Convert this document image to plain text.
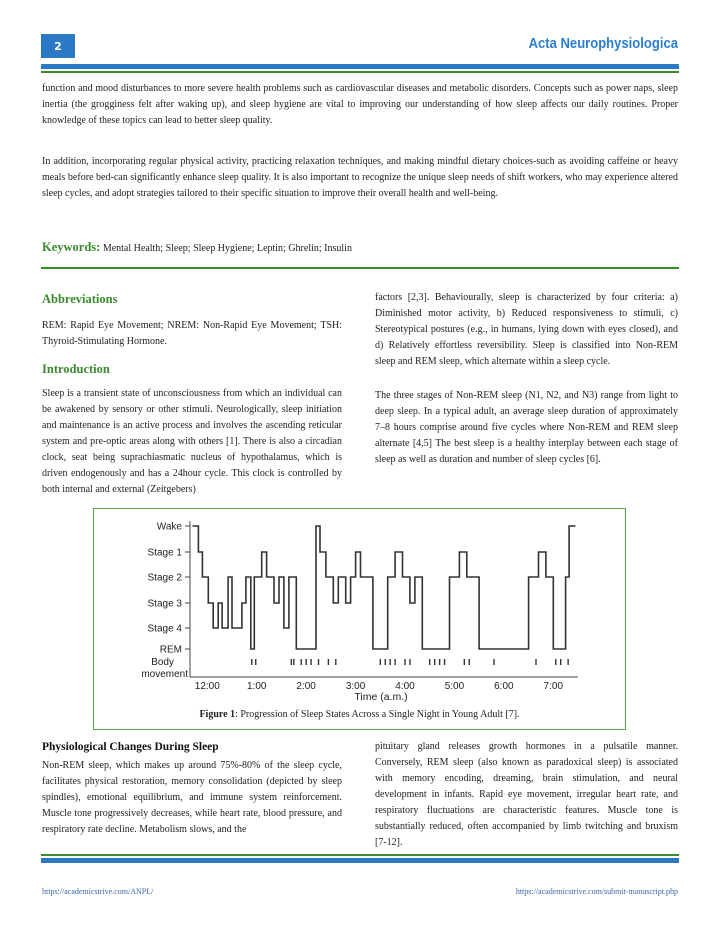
2	Acta Neurophysiologica
function and mood disturbances to more severe health problems such as cardiovascular diseases and metabolic disorders. Concepts such as power naps, sleep inertia (the grogginess felt after waking up), and sleep hygiene are vital to improving our understanding of how sleep affects our daily routines. Proper knowledge of these topics can lead to better sleep quality.
In addition, incorporating regular physical activity, practicing relaxation techniques, and making mindful dietary choices-such as avoiding caffeine or heavy meals before bed-can significantly enhance sleep quality. It is also important to recognize the unique sleep needs of shift workers, who may experience altered sleep cycles, and adopt strategies tailored to their specific situation to improve their overall health and well-being.
Keywords: Mental Health; Sleep; Sleep Hygiene; Leptin; Ghrelin; Insulin
Abbreviations
REM: Rapid Eye Movement; NREM: Non-Rapid Eye Movement; TSH: Thyroid-Stimulating Hormone.
Introduction
Sleep is a transient state of unconsciousness from which an individual can be awakened by sensory or other stimuli. Neurologically, sleep initiation and maintenance is an active process and involves the ascending reticular system and pre-optic areas along with others [1]. There is also a circadian clock, seat being suprachiasmatic nucleus of hypothalamus, which is driven endogenously and has a 24hour cycle. This clock is controlled by both internal and external (Zeitgebers)
factors [2,3]. Behaviourally, sleep is characterized by four criteria: a) Diminished motor activity, b) Reduced responsiveness to stimuli, c) Stereotypical postures (e.g., in humans, lying down with eyes closed), and d) Relatively effortless reversibility. Sleep is classified into Non-REM sleep and REM sleep, which alternate within a sleep cycle.
The three stages of Non-REM sleep (N1, N2, and N3) range from light to deep sleep. In a typical adult, an average sleep duration of approximately 7–8 hours comprise around five cycles where Non-REM and REM sleep alternate [4,5] The best sleep is a healthy interplay between each stage of sleep as well as duration and number of sleep cycles [6].
Wake
Stage 1
Stage 2
Stage 3
Stage 4
REM
Body
movement
12:00	1:00	2:00	3:00	4:00	5:00	6:00	7:00
Time (a.m.)
Figure 1: Progression of Sleep States Across a Single Night in Young Adult [7].
Physiological Changes During Sleep
Non-REM sleep, which makes up around 75%-80% of the sleep cycle, facilitates physical restoration, memory consolidation (depicted by sleep spindles), emotional equilibrium, and immune system reinforcement. Muscle tone progressively decreases, while heart rate, blood pressure, and respiratory rate decline. Metabolism slows, and the
pituitary gland releases growth hormones in a pulsatile manner. Conversely, REM sleep (also known as paradoxical sleep) is associated with memory encoding, dreaming, brain stimulation, and neural development in infants. Rapid eye movement, irregular heart rate, and respiratory fluctuations are characteristic features. Muscle tone is substantially reduced, often accompanied by limb twitching and bruxism [7-12].
https://academicstrive.com/ANPL/	https://academicstrive.com/submit-manuscript.php
